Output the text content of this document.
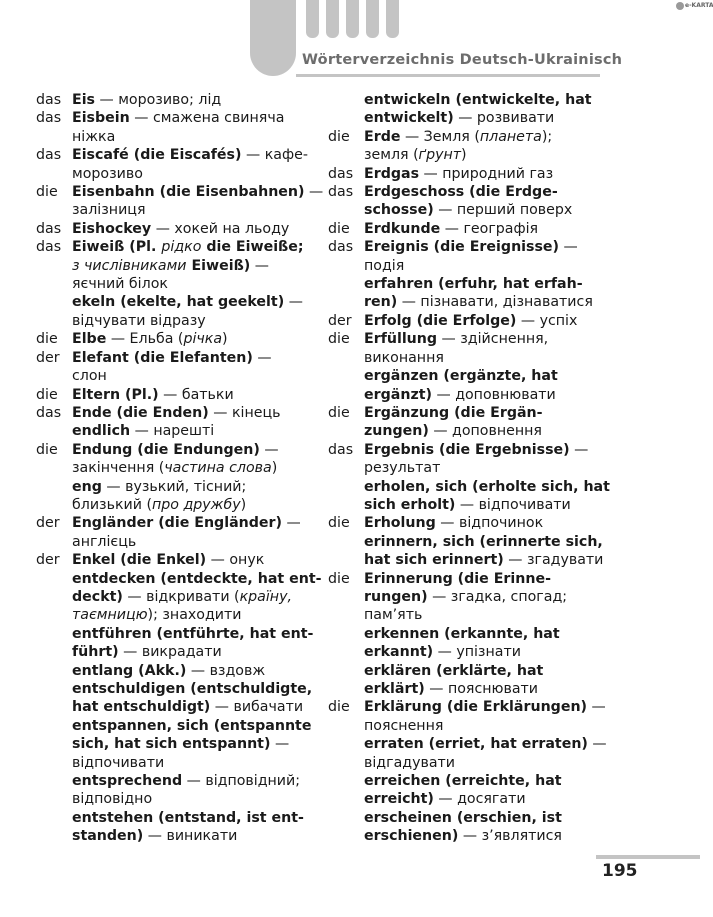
Wörterverzeichnis Deutsch-Ukrainisch
e-KARTA
das Eis — морозиво; лід
das Eisbein — смажена свиняча
ніжка
das Eiscafé (die Eiscafés) — кафе-
морозиво
die Eisenbahn (die Eisenbahnen) —
залізниця
das Eishockey — хокей на льоду
das Eiweiß (Pl. рідко die Eiweiße;
з числівниками Eiweiß) —
яєчний білок
ekeln (ekelte, hat geekelt) —
відчувати відразу
die Elbe — Ельба (річка)
der Elefant (die Elefanten) —
слон
die Eltern (Pl.) — батьки
das Ende (die Enden) — кінець
endlich — нарешті
die Endung (die Endungen) —
закінчення (частина слова)
eng — вузький, тісний;
близький (про дружбу)
der Engländer (die Engländer) —
англієць
der Enkel (die Enkel) — онук
entdecken (entdeckte, hat ent-
deckt) — відкривати (країну,
таємницю); знаходити
entführen (entführte, hat ent-
führt) — викрадати
entlang (Akk.) — вздовж
entschuldigen (entschuldigte,
hat entschuldigt) — вибачати
entspannen, sich (entspannte
sich, hat sich entspannt) —
відпочивати
entsprechend — відповідний;
відповідно
entstehen (entstand, ist ent-
standen) — виникати
entwickeln (entwickelte, hat
entwickelt) — розвивати
die Erde — Земля (планета);
земля (ґрунт)
das Erdgas — природний газ
das Erdgeschoss (die Erdge-
schosse) — перший поверх
die Erdkunde — географія
das Ereignis (die Ereignisse) —
подія
erfahren (erfuhr, hat erfah-
ren) — пізнавати, дізнаватися
der Erfolg (die Erfolge) — успіх
die Erfüllung — здійснення,
виконання
ergänzen (ergänzte, hat
ergänzt) — доповнювати
die Ergänzung (die Ergän-
zungen) — доповнення
das Ergebnis (die Ergebnisse) —
результат
erholen, sich (erholte sich, hat
sich erholt) — відпочивати
die Erholung — відпочинок
erinnern, sich (erinnerte sich,
hat sich erinnert) — згадувати
die Erinnerung (die Erinne-
rungen) — згадка, спогад;
пам’ять
erkennen (erkannte, hat
erkannt) — упізнати
erklären (erklärte, hat
erklärt) — пояснювати
die Erklärung (die Erklärungen) —
пояснення
erraten (erriet, hat erraten) —
відгадувати
erreichen (erreichte, hat
erreicht) — досягати
erscheinen (erschien, ist
erschienen) — з’являтися
195
